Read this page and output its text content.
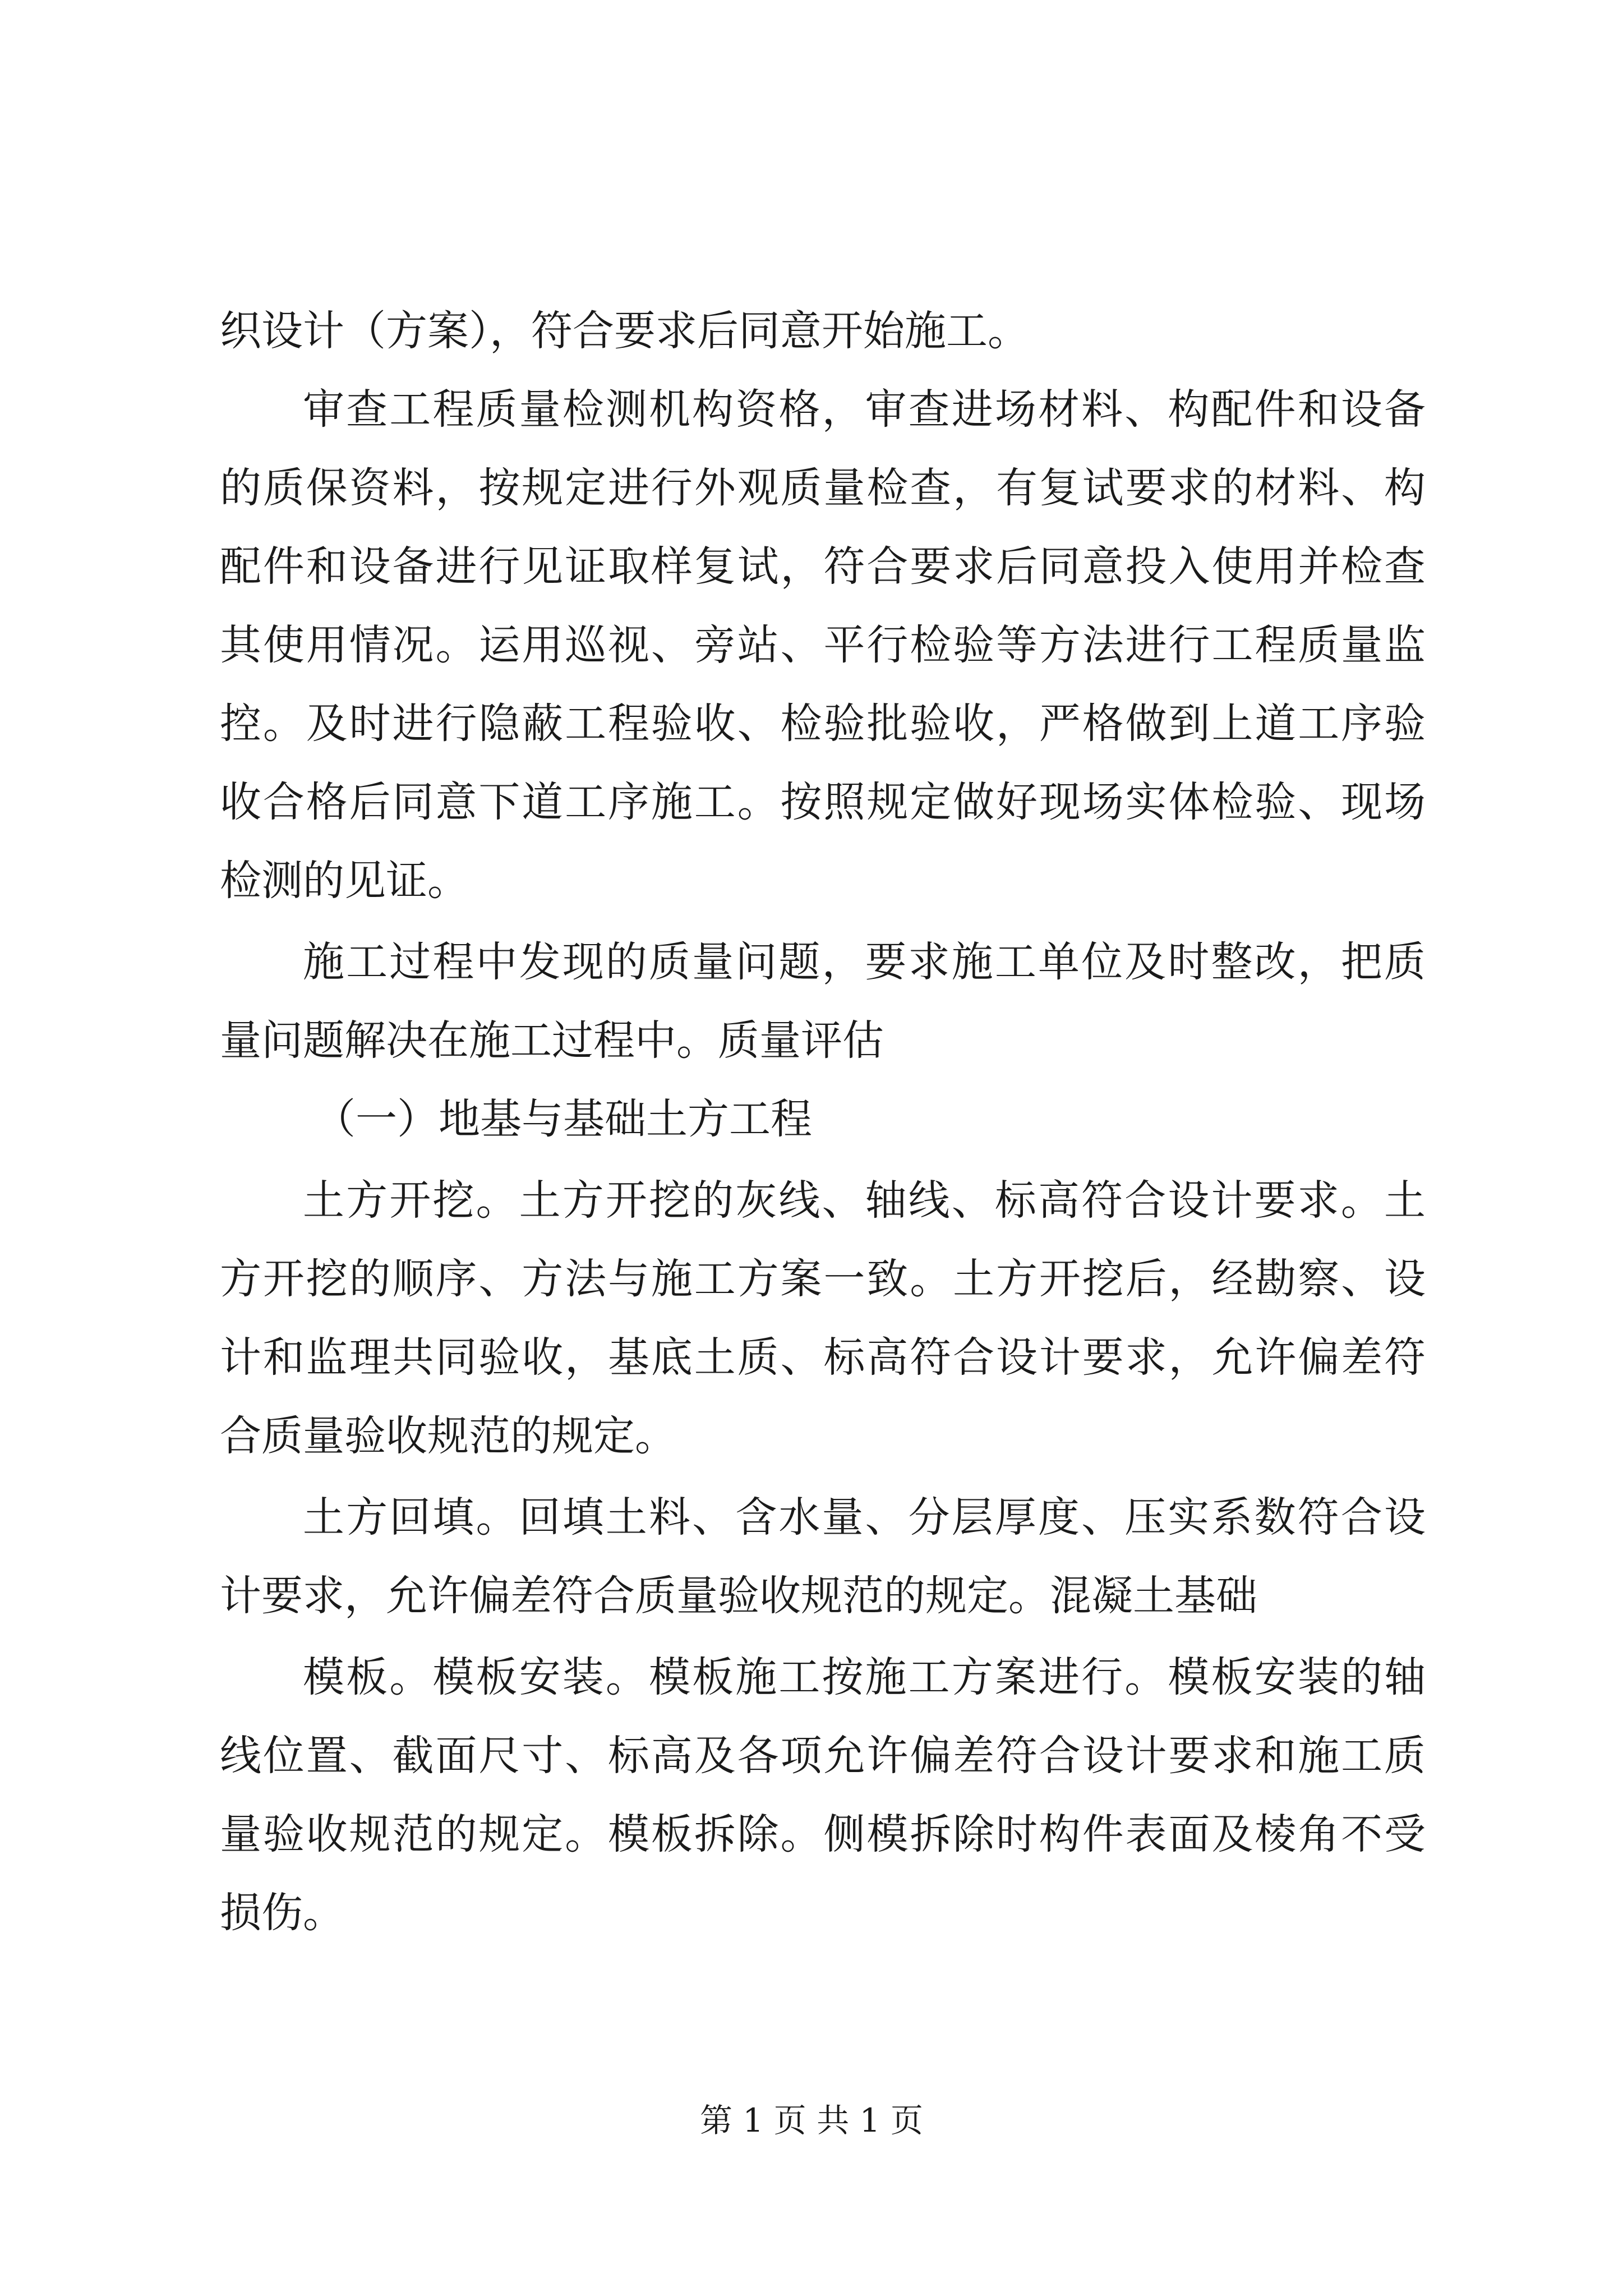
织设计（方案），符合要求后同意开始施工。
审查工程质量检测机构资格，审查进场材料、构配件和设备
的质保资料，按规定进行外观质量检查，有复试要求的材料、构
配件和设备进行见证取样复试，符合要求后同意投入使用并检查
其使用情况。运用巡视、旁站、平行检验等方法进行工程质量监
控。及时进行隐蔽工程验收、检验批验收，严格做到上道工序验
收合格后同意下道工序施工。按照规定做好现场实体检验、现场
检测的见证。
施工过程中发现的质量问题，要求施工单位及时整改，把质
量问题解决在施工过程中。质量评估
（一）地基与基础土方工程
土方开挖。土方开挖的灰线、轴线、标高符合设计要求。土
方开挖的顺序、方法与施工方案一致。土方开挖后，经勘察、设
计和监理共同验收，基底土质、标高符合设计要求，允许偏差符
合质量验收规范的规定。
土方回填。回填土料、含水量、分层厚度、压实系数符合设
计要求，允许偏差符合质量验收规范的规定。混凝土基础
模板。模板安装。模板施工按施工方案进行。模板安装的轴
线位置、截面尺寸、标高及各项允许偏差符合设计要求和施工质
量验收规范的规定。模板拆除。侧模拆除时构件表面及棱角不受
损伤。
第 1 页 共 1 页
